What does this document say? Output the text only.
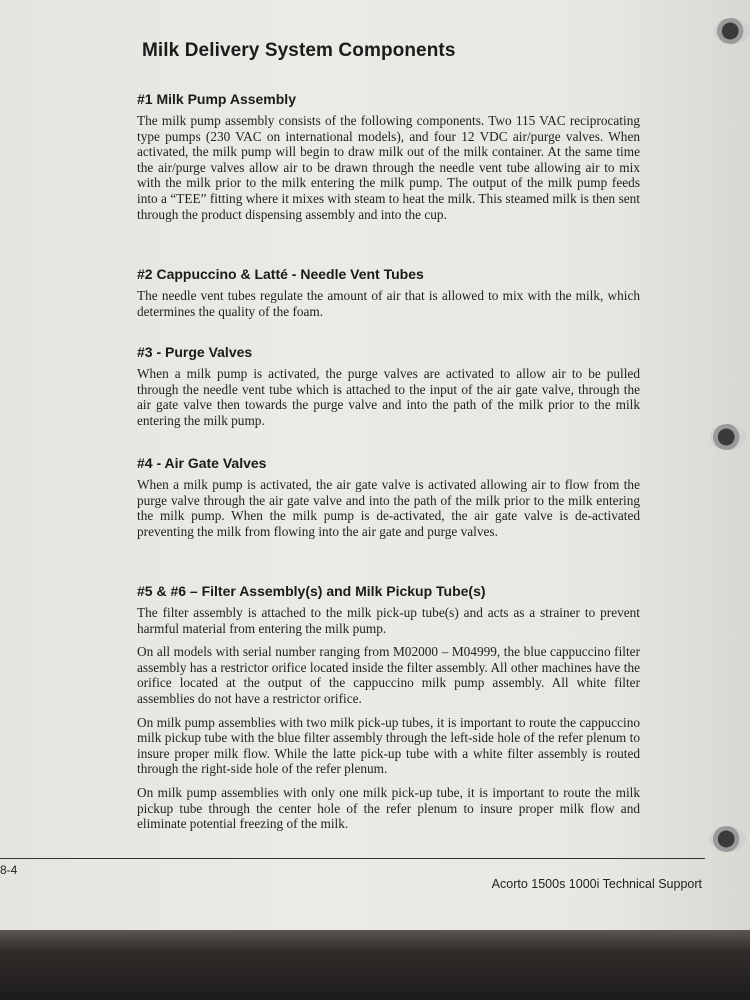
Milk Delivery System Components
#1 Milk Pump Assembly

The milk pump assembly consists of the following components. Two 115 VAC reciprocating type pumps (230 VAC on international models), and four 12 VDC air/purge valves. When activated, the milk pump will begin to draw milk out of the milk container. At the same time the air/purge valves allow air to be drawn through the needle vent tube allowing air to mix with the milk prior to the milk entering the milk pump. The output of the milk pump feeds into a “TEE” fitting where it mixes with steam to heat the milk. This steamed milk is then sent through the product dispensing assembly and into the cup.

#2 Cappuccino & Latté - Needle Vent Tubes

The needle vent tubes regulate the amount of air that is allowed to mix with the milk, which determines the quality of the foam.

#3 - Purge Valves

When a milk pump is activated, the purge valves are activated to allow air to be pulled through the needle vent tube which is attached to the input of the air gate valve, through the air gate valve then towards the purge valve and into the path of the milk prior to the milk entering the milk pump.

#4 - Air Gate Valves

When a milk pump is activated, the air gate valve is activated allowing air to flow from the purge valve through the air gate valve and into the path of the milk prior to the milk entering the milk pump. When the milk pump is de-activated, the air gate valve is de-activated preventing the milk from flowing into the air gate and purge valves.

#5 & #6 – Filter Assembly(s) and Milk Pickup Tube(s)

The filter assembly is attached to the milk pick-up tube(s) and acts as a strainer to prevent harmful material from entering the milk pump.

On all models with serial number ranging from M02000 – M04999, the blue cappuccino filter assembly has a restrictor orifice located inside the filter assembly. All other machines have the orifice located at the output of the cappuccino milk pump assembly. All white filter assemblies do not have a restrictor orifice.

On milk pump assemblies with two milk pick-up tubes, it is important to route the cappuccino milk pickup tube with the blue filter assembly through the left-side hole of the refer plenum to insure proper milk flow. While the latte pick-up tube with a white filter assembly is routed through the right-side hole of the refer plenum.

On milk pump assemblies with only one milk pick-up tube, it is important to route the milk pickup tube through the center hole of the refer plenum to insure proper milk flow and eliminate potential freezing of the milk.

8-4
Acorto 1500s 1000i Technical Support
